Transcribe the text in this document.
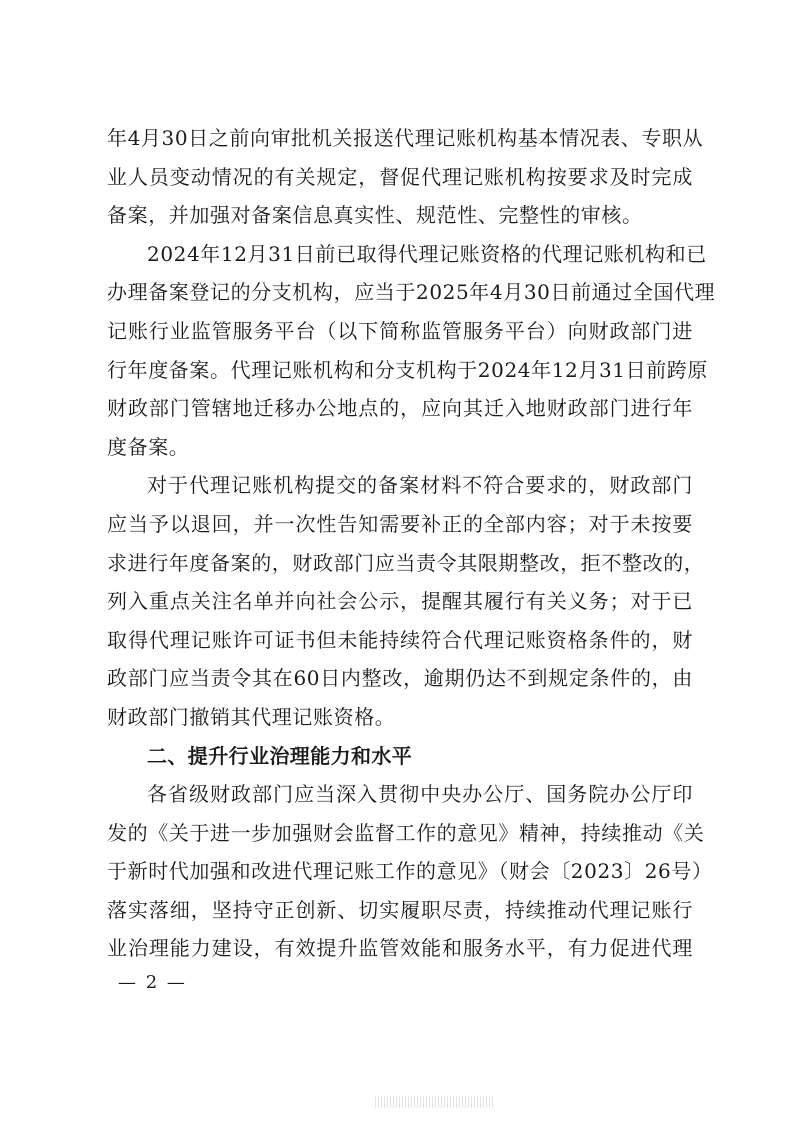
年4月30日之前向审批机关报送代理记账机构基本情况表、专职从
业人员变动情况的有关规定，督促代理记账机构按要求及时完成
备案，并加强对备案信息真实性、规范性、完整性的审核。
2024年12月31日前已取得代理记账资格的代理记账机构和已
办理备案登记的分支机构，应当于2025年4月30日前通过全国代理
记账行业监管服务平台（以下简称监管服务平台）向财政部门进
行年度备案。代理记账机构和分支机构于2024年12月31日前跨原
财政部门管辖地迁移办公地点的，应向其迁入地财政部门进行年
度备案。
对于代理记账机构提交的备案材料不符合要求的，财政部门
应当予以退回，并一次性告知需要补正的全部内容；对于未按要
求进行年度备案的，财政部门应当责令其限期整改，拒不整改的，
列入重点关注名单并向社会公示，提醒其履行有关义务；对于已
取得代理记账许可证书但未能持续符合代理记账资格条件的，财
政部门应当责令其在60日内整改，逾期仍达不到规定条件的，由
财政部门撤销其代理记账资格。
二、提升行业治理能力和水平
各省级财政部门应当深入贯彻中央办公厅、国务院办公厅印
发的《关于进一步加强财会监督工作的意见》精神，持续推动《关
于新时代加强和改进代理记账工作的意见》（财会〔2023〕26号）
落实落细，坚持守正创新、切实履职尽责，持续推动代理记账行
业治理能力建设，有效提升监管效能和服务水平，有力促进代理
— 2 —
